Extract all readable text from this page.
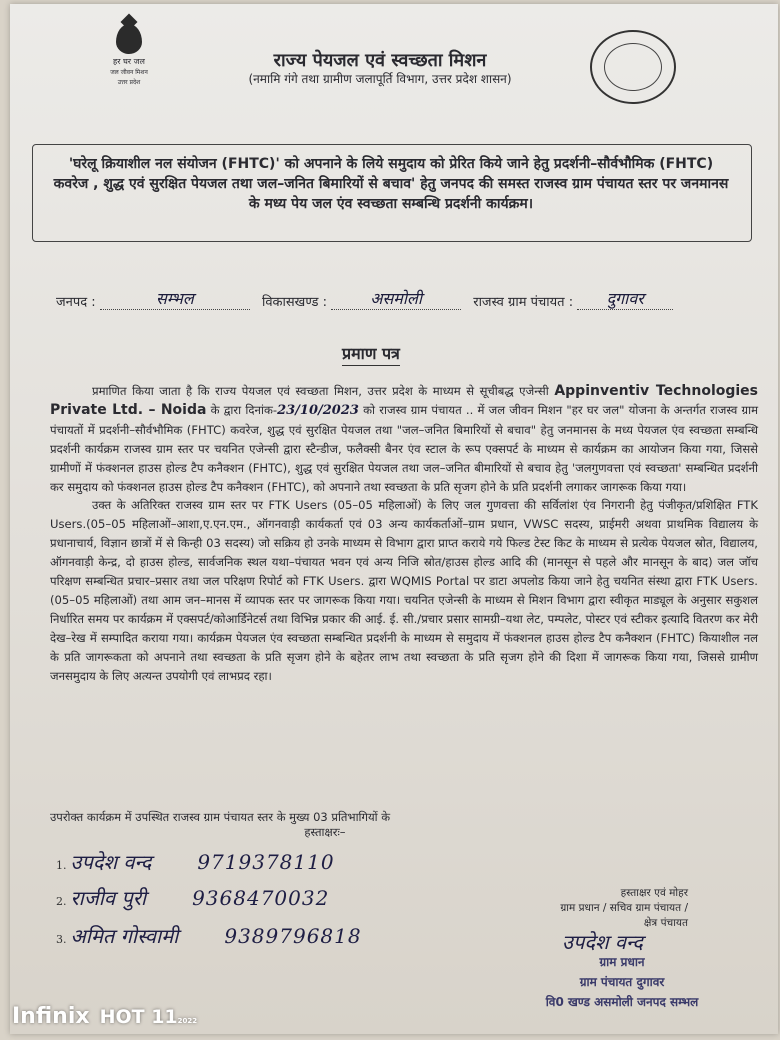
हर घर जल
जल जीवन मिशन
उत्तर प्रदेश
राज्य पेयजल एवं स्वच्छता मिशन
(नमामि गंगे तथा ग्रामीण जलापूर्ति विभाग, उत्तर प्रदेश शासन)
'घरेलू क्रियाशील नल संयोजन (FHTC)' को अपनाने के लिये समुदाय को प्रेरित किये जाने हेतु प्रदर्शनी–सौर्वभौमिक (FHTC) कवरेज , शुद्ध एवं सुरक्षित पेयजल तथा जल–जनित बिमारियों से बचाव' हेतु जनपद की समस्त राजस्व ग्राम पंचायत स्तर पर जनमानस के मध्य पेय जल एंव स्वच्छता सम्बन्धि प्रदर्शनी कार्यक्रम।
जनपद :	सम्भल	विकासखण्ड :	असमोली	राजस्व ग्राम पंचायत : दुगावर
प्रमाण पत्र

प्रमाणित किया जाता है कि राज्य पेयजल एवं स्वच्छता मिशन, उत्तर प्रदेश के माध्यम से सूचीबद्ध एजेन्सी Appinventiv Technologies Private Ltd. – Noida के द्वारा दिनांक-23/10/2023 को राजस्व ग्राम पंचायत .. में जल जीवन मिशन "हर घर जल" योजना के अन्तर्गत राजस्व ग्राम पंचायतों में प्रदर्शनी–सौर्वभौमिक (FHTC) कवरेज, शुद्ध एवं सुरक्षित पेयजल तथा "जल–जनित बिमारियों से बचाव" हेतु जनमानस के मध्य पेयजल एंव स्वच्छता सम्बन्धि प्रदर्शनी कार्यक्रम राजस्व ग्राम स्तर पर चयनित एजेन्सी द्वारा स्टैन्डीज, फलैक्सी बैनर एंव स्टाल के रूप एक्सपर्ट के माध्यम से कार्यक्रम का आयोजन किया गया, जिससे ग्रामीणों में फंक्शनल हाउस होल्ड टैप कनैक्शन (FHTC), शुद्ध एवं सुरक्षित पेयजल तथा जल–जनित बीमारियों से बचाव हेतु 'जलगुणवत्ता एवं स्वच्छता' सम्बन्धित प्रदर्शनी कर समुदाय को फंक्शनल हाउस होल्ड टैप कनैक्शन (FHTC), को अपनाने तथा स्वच्छता के प्रति सृजग होने के प्रति प्रदर्शनी लगाकर जागरूक किया गया।

उक्त के अतिरिक्त राजस्व ग्राम स्तर पर FTK Users (05–05 महिलाओं) के लिए जल गुणवत्ता की सर्विलांश एंव निगरानी हेतु पंजीकृत/प्रशिक्षित FTK Users.(05–05 महिलाओं–आशा,ए.एन.एम., ऑगनवाड़ी कार्यकर्ता एवं 03 अन्य कार्यकर्ताओं–ग्राम प्रधान, VWSC सदस्य, प्राईमरी अथवा प्राथमिक विद्यालय के प्रधानाचार्य, विज्ञान छात्रों में से किन्ही 03 सदस्य) जो सक्रिय हो उनके माध्यम से विभाग द्वारा प्राप्त कराये गये फिल्ड टेस्ट किट के माध्यम से प्रत्येक पेयजल स्रोत, विद्यालय, ऑगनवाड़ी केन्द्र, दो हाउस होल्ड, सार्वजनिक स्थल यथा–पंचायत भवन एवं अन्य निजि स्रोत/हाउस होल्ड आदि की (मानसून से पहले और मानसून के बाद) जल जॉच परिक्षण सम्बन्धित प्रचार–प्रसार तथा जल परिक्षण रिपोर्ट को FTK Users. द्वारा WQMIS Portal पर डाटा अपलोड किया जाने हेतु चयनित संस्था द्वारा FTK Users.(05–05 महिलाओं) तथा आम जन–मानस में व्यापक स्तर पर जागरूक किया गया। चयनित एजेन्सी के माध्यम से मिशन विभाग द्वारा स्वीकृत माड्यूल के अनुसार सकुशल निर्धारित समय पर कार्यक्रम में एक्सपर्ट/कोआर्डिनेटर्स तथा विभिन्न प्रकार की आई. ई. सी./प्रचार प्रसार सामग्री–यथा लेट, पम्पलेट, पोस्टर एवं स्टीकर इत्यादि वितरण कर मेरी देख–रेख में सम्पादित कराया गया। कार्यक्रम पेयजल एंव स्वच्छता सम्बन्धित प्रदर्शनी के माध्यम से समुदाय में फंक्शनल हाउस होल्ड टैप कनैक्शन (FHTC) कियाशील नल के प्रति जागरूकता को अपनाने तथा स्वच्छता के प्रति सृजग होने के बहेतर लाभ तथा स्वच्छता के प्रति सृजग होने की दिशा में जागरूक किया गया, जिससे ग्रामीण जनसमुदाय के लिए अत्यन्त उपयोगी एवं लाभप्रद रहा।

उपरोक्त कार्यक्रम में उपस्थित राजस्व ग्राम पंचायत स्तर के मुख्य 03 प्रतिभागियों के
हस्ताक्षरः–
1. उपदेश वन्द 9719378110
2. राजीव पुरी 9368470032
3. अमित गोस्वामी 9389796818
हस्ताक्षर एवं मोहर
ग्राम प्रधान / सचिव ग्राम पंचायत /
क्षेत्र पंचायत
उपदेश वन्द
ग्राम प्रधान
ग्राम पंचायत दुगावर
वि0 खण्ड असमोली जनपद सम्भल
Infinix HOT 112022
